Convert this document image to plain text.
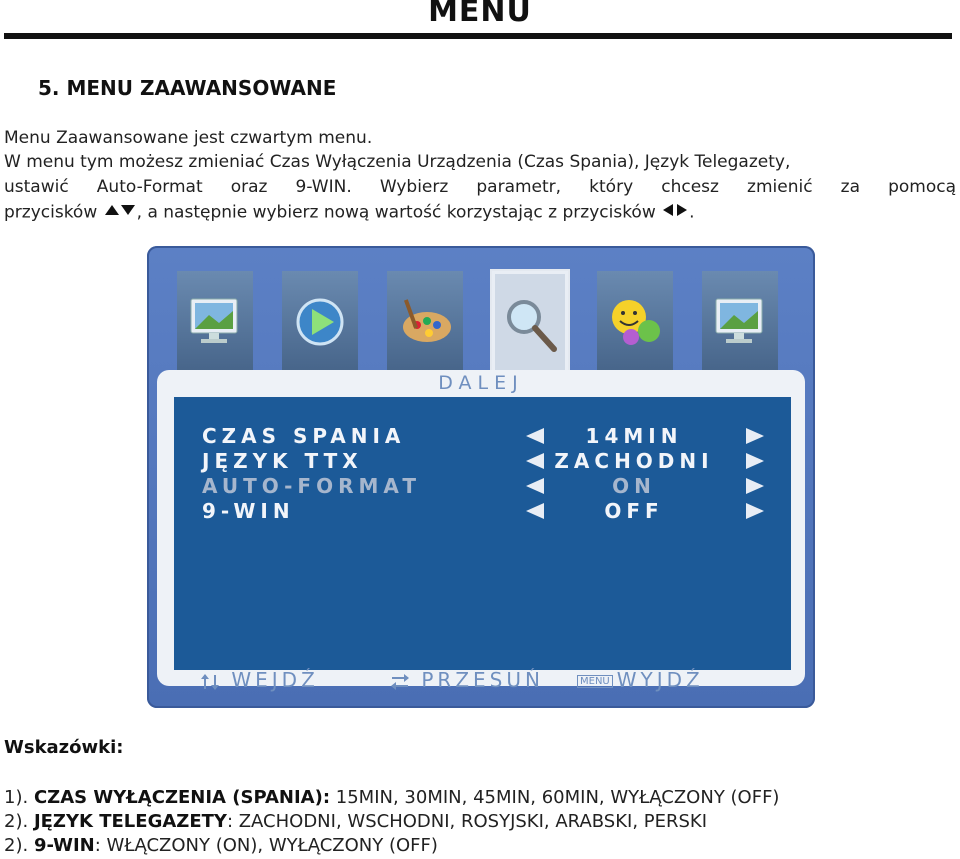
MENU
5. MENU ZAAWANSOWANE
Menu Zaawansowane jest czwartym menu.
W menu tym możesz zmieniać Czas Wyłączenia Urządzenia (Czas Spania), Język Telegazety,
ustawić Auto-Format oraz 9-WIN. Wybierz parametr, który chcesz zmienić za pomocą
przycisków , a następnie wybierz nową wartość korzystając z przycisków .
DALEJ
CZAS SPANIA	14MIN
JĘZYK TTX	ZACHODNI
AUTO-FORMAT	ON
9-WIN	OFF
WEJDŹ	PRZESUŃ	MENU WYJDŹ
Wskazówki:
1). CZAS WYŁĄCZENIA (SPANIA): 15MIN, 30MIN, 45MIN, 60MIN, WYŁĄCZONY (OFF)
2). JĘZYK TELEGAZETY: ZACHODNI, WSCHODNI, ROSYJSKI, ARABSKI, PERSKI
2). 9-WIN: WŁĄCZONY (ON), WYŁĄCZONY (OFF)
